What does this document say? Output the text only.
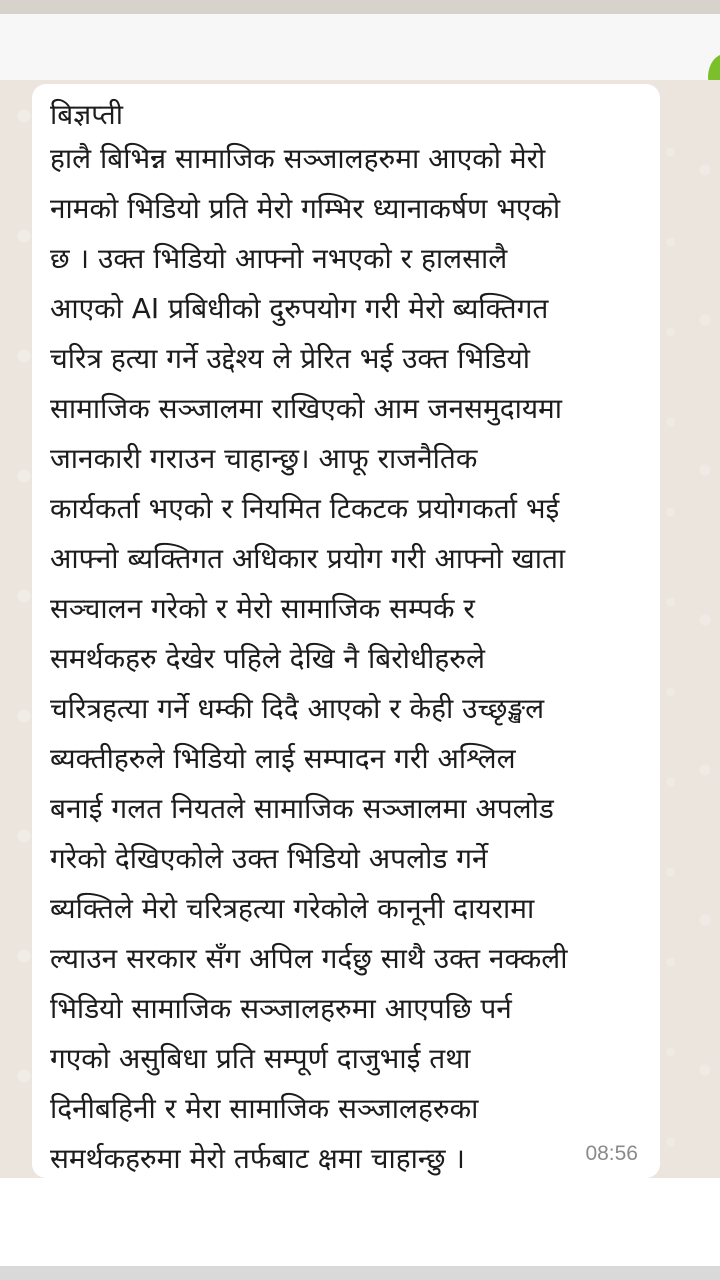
बिज्ञप्ती

हालै बिभिन्न सामाजिक सञ्जालहरुमा आएको मेरो
नामको भिडियो प्रति मेरो गम्भिर ध्यानाकर्षण भएको
छ । उक्त भिडियो आफ्नो नभएको र हालसालै
आएको AI प्रबिधीको दुरुपयोग गरी मेरो ब्यक्तिगत
चरित्र हत्या गर्ने उद्देश्य ले प्रेरित भई उक्त भिडियो
सामाजिक सञ्जालमा राखिएको आम जनसमुदायमा
जानकारी गराउन चाहान्छु। आफू राजनैतिक
कार्यकर्ता भएको र नियमित टिकटक प्रयोगकर्ता भई
आफ्नो ब्यक्तिगत अधिकार प्रयोग गरी आफ्नो खाता
सञ्चालन गरेको र मेरो सामाजिक सम्पर्क र
समर्थकहरु देखेर पहिले देखि नै बिरोधीहरुले
चरित्रहत्या गर्ने धम्की दिदै आएको र केही उच्छृङ्खल
ब्यक्तीहरुले भिडियो लाई सम्पादन गरी अश्लिल
बनाई गलत नियतले सामाजिक सञ्जालमा अपलोड
गरेको देखिएकोले उक्त भिडियो अपलोड गर्ने
ब्यक्तिले मेरो चरित्रहत्या गरेकोले कानूनी दायरामा
ल्याउन सरकार सँग अपिल गर्दछु साथै उक्त नक्कली
भिडियो सामाजिक सञ्जालहरुमा आएपछि पर्न
गएको असुबिधा प्रति सम्पूर्ण दाजुभाई तथा
दिनीबहिनी र मेरा सामाजिक सञ्जालहरुका
समर्थकहरुमा मेरो तर्फबाट क्षमा चाहान्छु ।	08:56
